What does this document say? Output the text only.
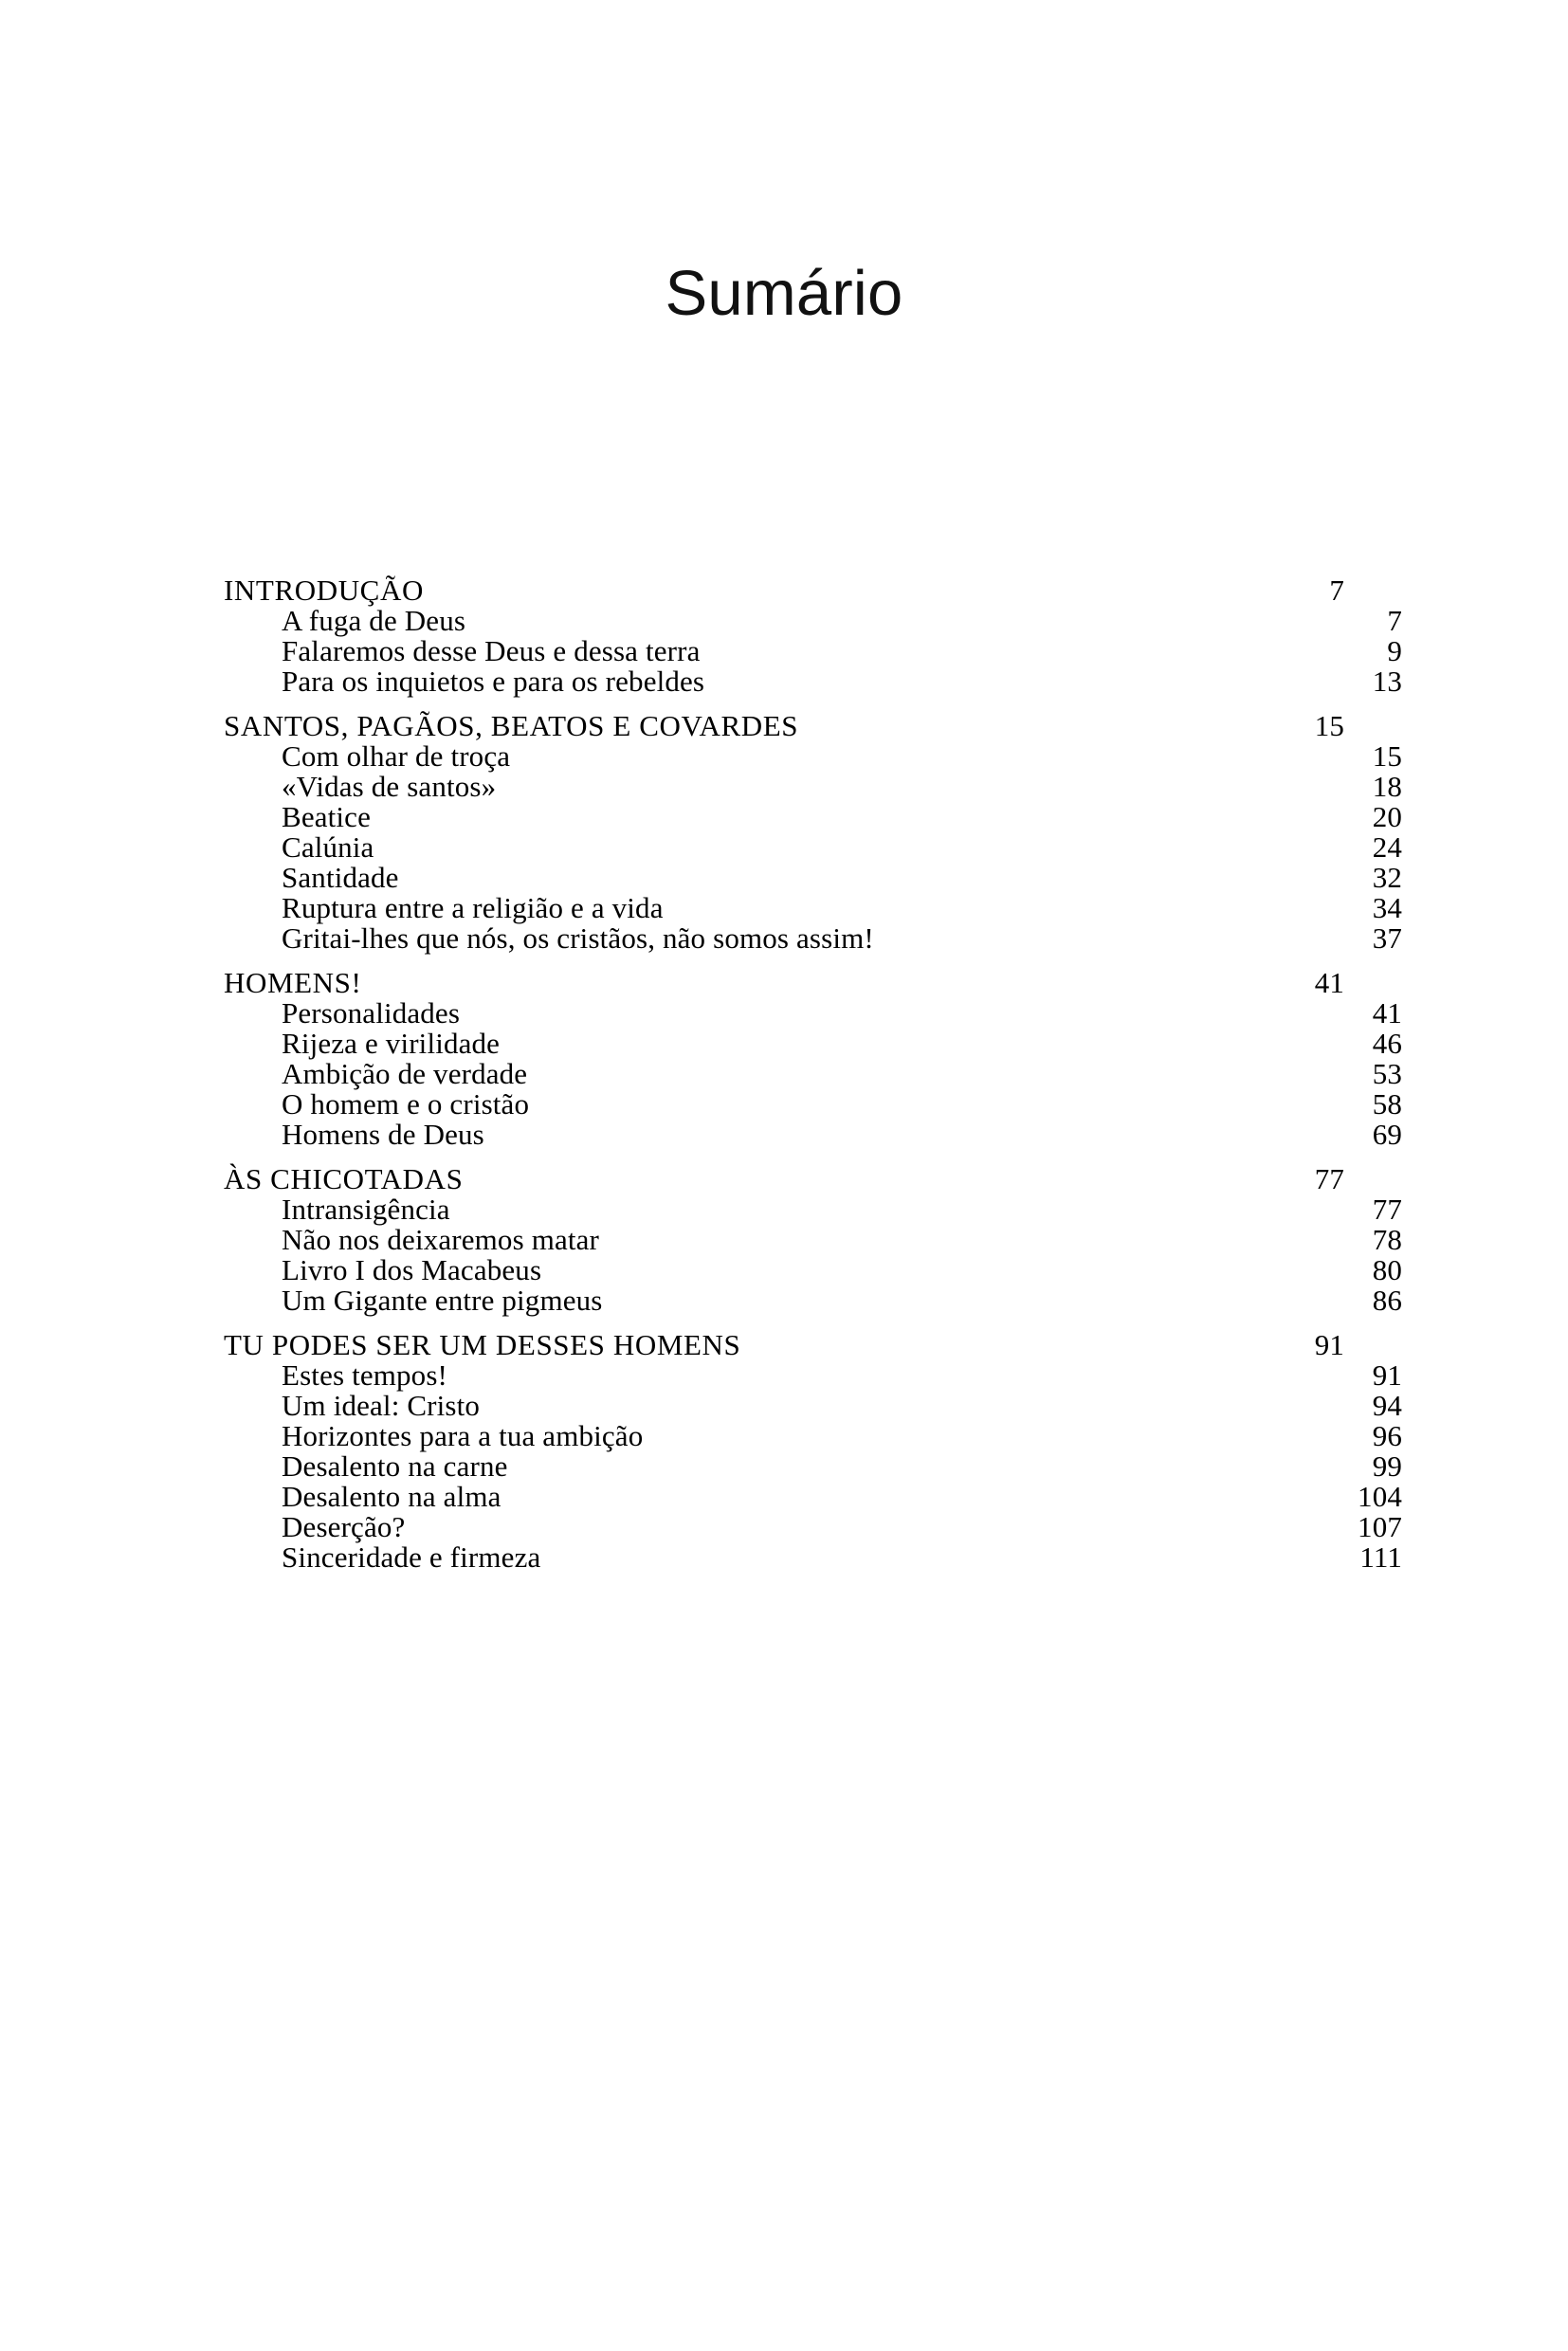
Sumário
INTRODUÇÃO	7
A fuga de Deus	7
Falaremos desse Deus e dessa terra	9
Para os inquietos e para os rebeldes	13
SANTOS, PAGÃOS, BEATOS E COVARDES	15
Com olhar de troça	15
«Vidas de santos»	18
Beatice	20
Calúnia	24
Santidade	32
Ruptura entre a religião e a vida	34
Gritai-lhes que nós, os cristãos, não somos assim!	37
HOMENS!	41
Personalidades	41
Rijeza e virilidade	46
Ambição de verdade	53
O homem e o cristão	58
Homens de Deus	69
ÀS CHICOTADAS	77
Intransigência	77
Não nos deixaremos matar	78
Livro I dos Macabeus	80
Um Gigante entre pigmeus	86
TU PODES SER UM DESSES HOMENS	91
Estes tempos!	91
Um ideal: Cristo	94
Horizontes para a tua ambição	96
Desalento na carne	99
Desalento na alma	104
Deserção?	107
Sinceridade e firmeza	111
